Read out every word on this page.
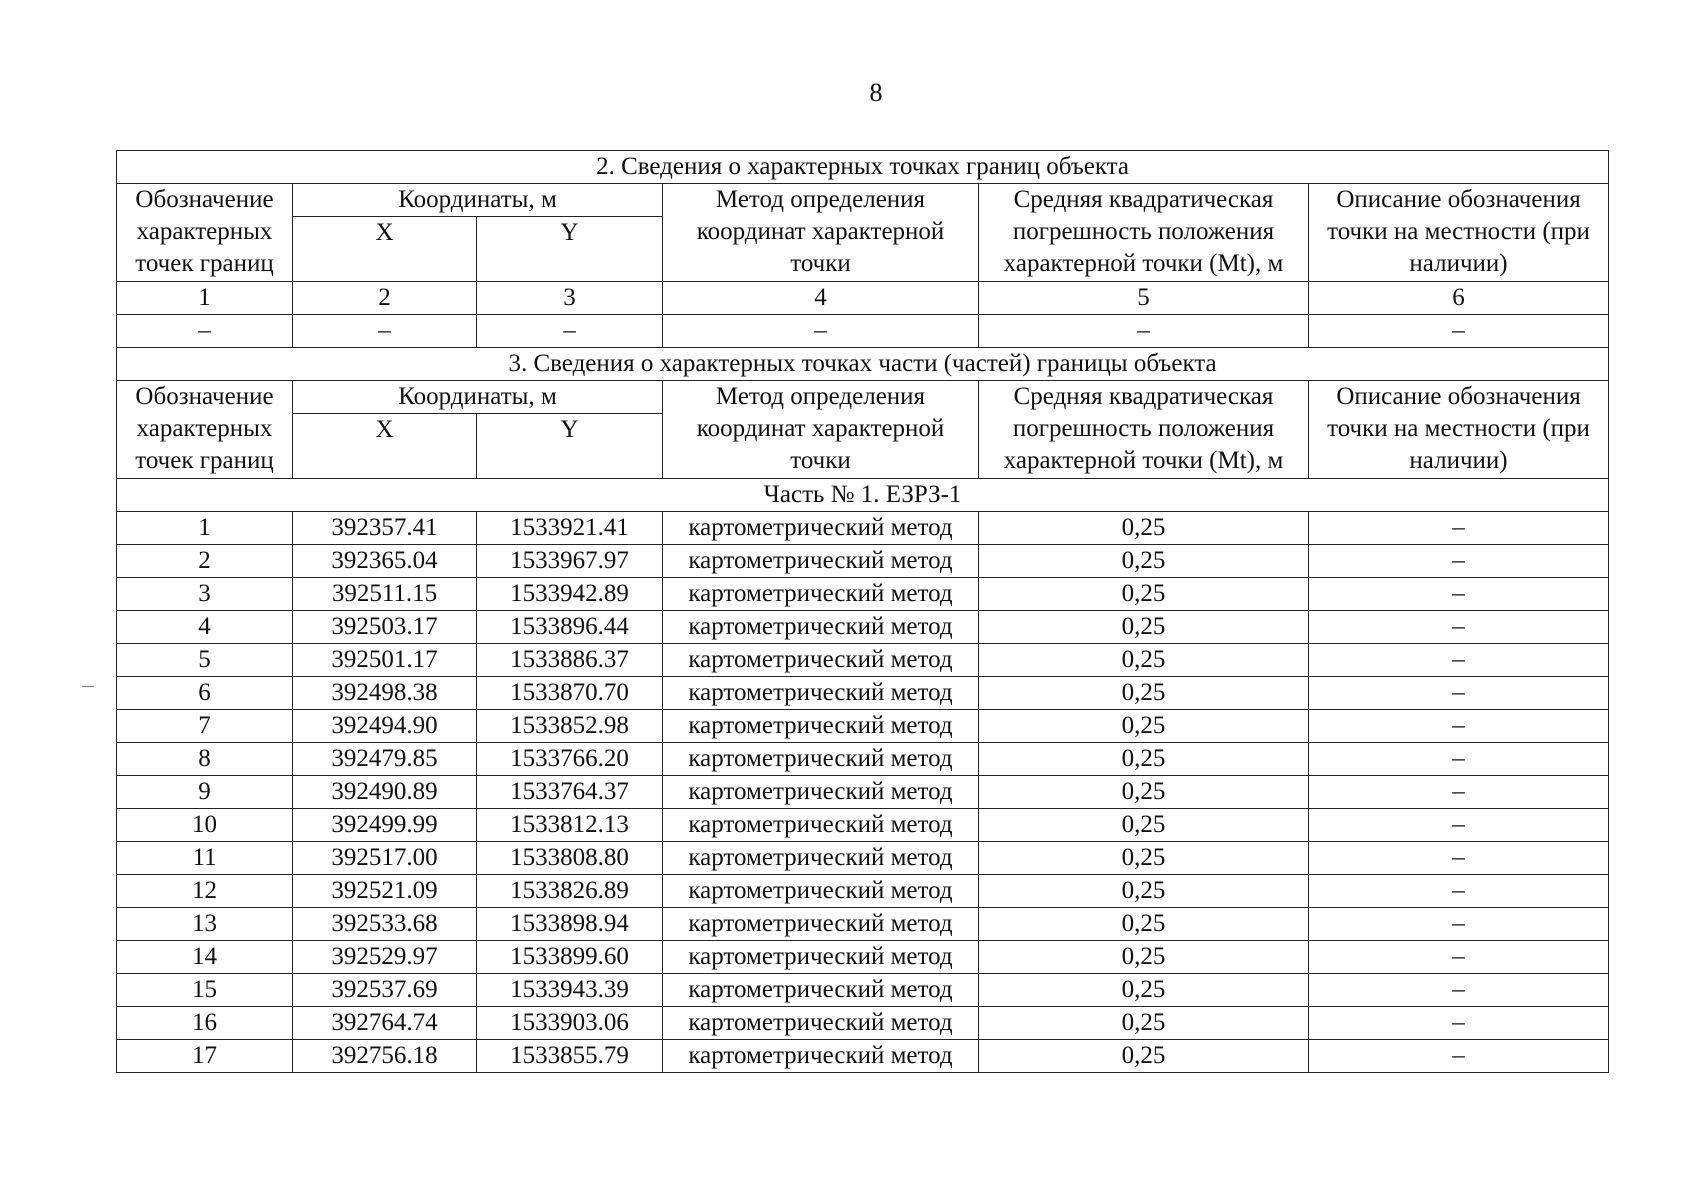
8
2. Сведения о характерных точках границ объекта					
Обозначение характерных точек границ	Координаты, м		Метод определения координат характерной точки	Средняя квадратическая погрешность положения характерной точки (Mt), м	Описание обозначения точки на местности (при наличии)
	X	Y			
1	2	3	4	5	6
–	–	–	–	–	–
3. Сведения о характерных точках части (частей) границы объекта					
Обозначение характерных точек границ	Координаты, м		Метод определения координат характерной точки	Средняя квадратическая погрешность положения характерной точки (Mt), м	Описание обозначения точки на местности (при наличии)
	X	Y			
Часть № 1. ЕЗРЗ-1					
1	392357.41	1533921.41	картометрический метод	0,25	–
2	392365.04	1533967.97	картометрический метод	0,25	–
3	392511.15	1533942.89	картометрический метод	0,25	–
4	392503.17	1533896.44	картометрический метод	0,25	–
5	392501.17	1533886.37	картометрический метод	0,25	–
6	392498.38	1533870.70	картометрический метод	0,25	–
7	392494.90	1533852.98	картометрический метод	0,25	–
8	392479.85	1533766.20	картометрический метод	0,25	–
9	392490.89	1533764.37	картометрический метод	0,25	–
10	392499.99	1533812.13	картометрический метод	0,25	–
11	392517.00	1533808.80	картометрический метод	0,25	–
12	392521.09	1533826.89	картометрический метод	0,25	–
13	392533.68	1533898.94	картометрический метод	0,25	–
14	392529.97	1533899.60	картометрический метод	0,25	–
15	392537.69	1533943.39	картометрический метод	0,25	–
16	392764.74	1533903.06	картометрический метод	0,25	–
17	392756.18	1533855.79	картометрический метод	0,25	–
